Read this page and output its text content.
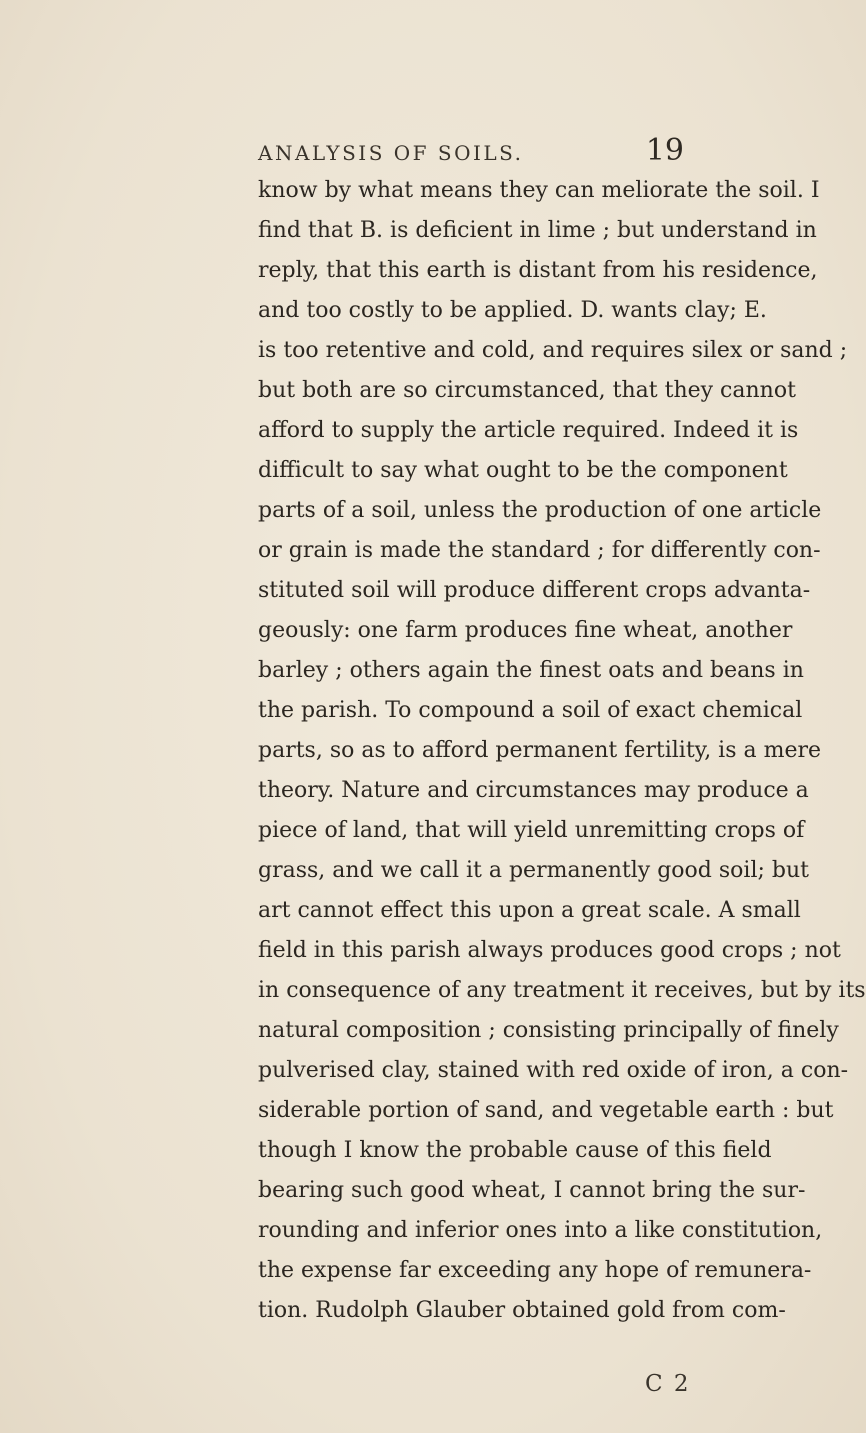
ANALYSIS OF SOILS.	19
know by what means they can meliorate the soil. I
find that B. is deficient in lime ; but understand in
reply, that this earth is distant from his residence,
and too costly to be applied. D. wants clay; E.
is too retentive and cold, and requires silex or sand ;
but both are so circumstanced, that they cannot
afford to supply the article required. Indeed it is
difficult to say what ought to be the component
parts of a soil, unless the production of one article
or grain is made the standard ; for differently con-
stituted soil will produce different crops advanta-
geously: one farm produces fine wheat, another
barley ; others again the finest oats and beans in
the parish. To compound a soil of exact chemical
parts, so as to afford permanent fertility, is a mere
theory. Nature and circumstances may produce a
piece of land, that will yield unremitting crops of
grass, and we call it a permanently good soil; but
art cannot effect this upon a great scale. A small
field in this parish always produces good crops ; not
in consequence of any treatment it receives, but by its
natural composition ; consisting principally of finely
pulverised clay, stained with red oxide of iron, a con-
siderable portion of sand, and vegetable earth : but
though I know the probable cause of this field
bearing such good wheat, I cannot bring the sur-
rounding and inferior ones into a like constitution,
the expense far exceeding any hope of remunera-
tion. Rudolph Glauber obtained gold from com-
C 2
